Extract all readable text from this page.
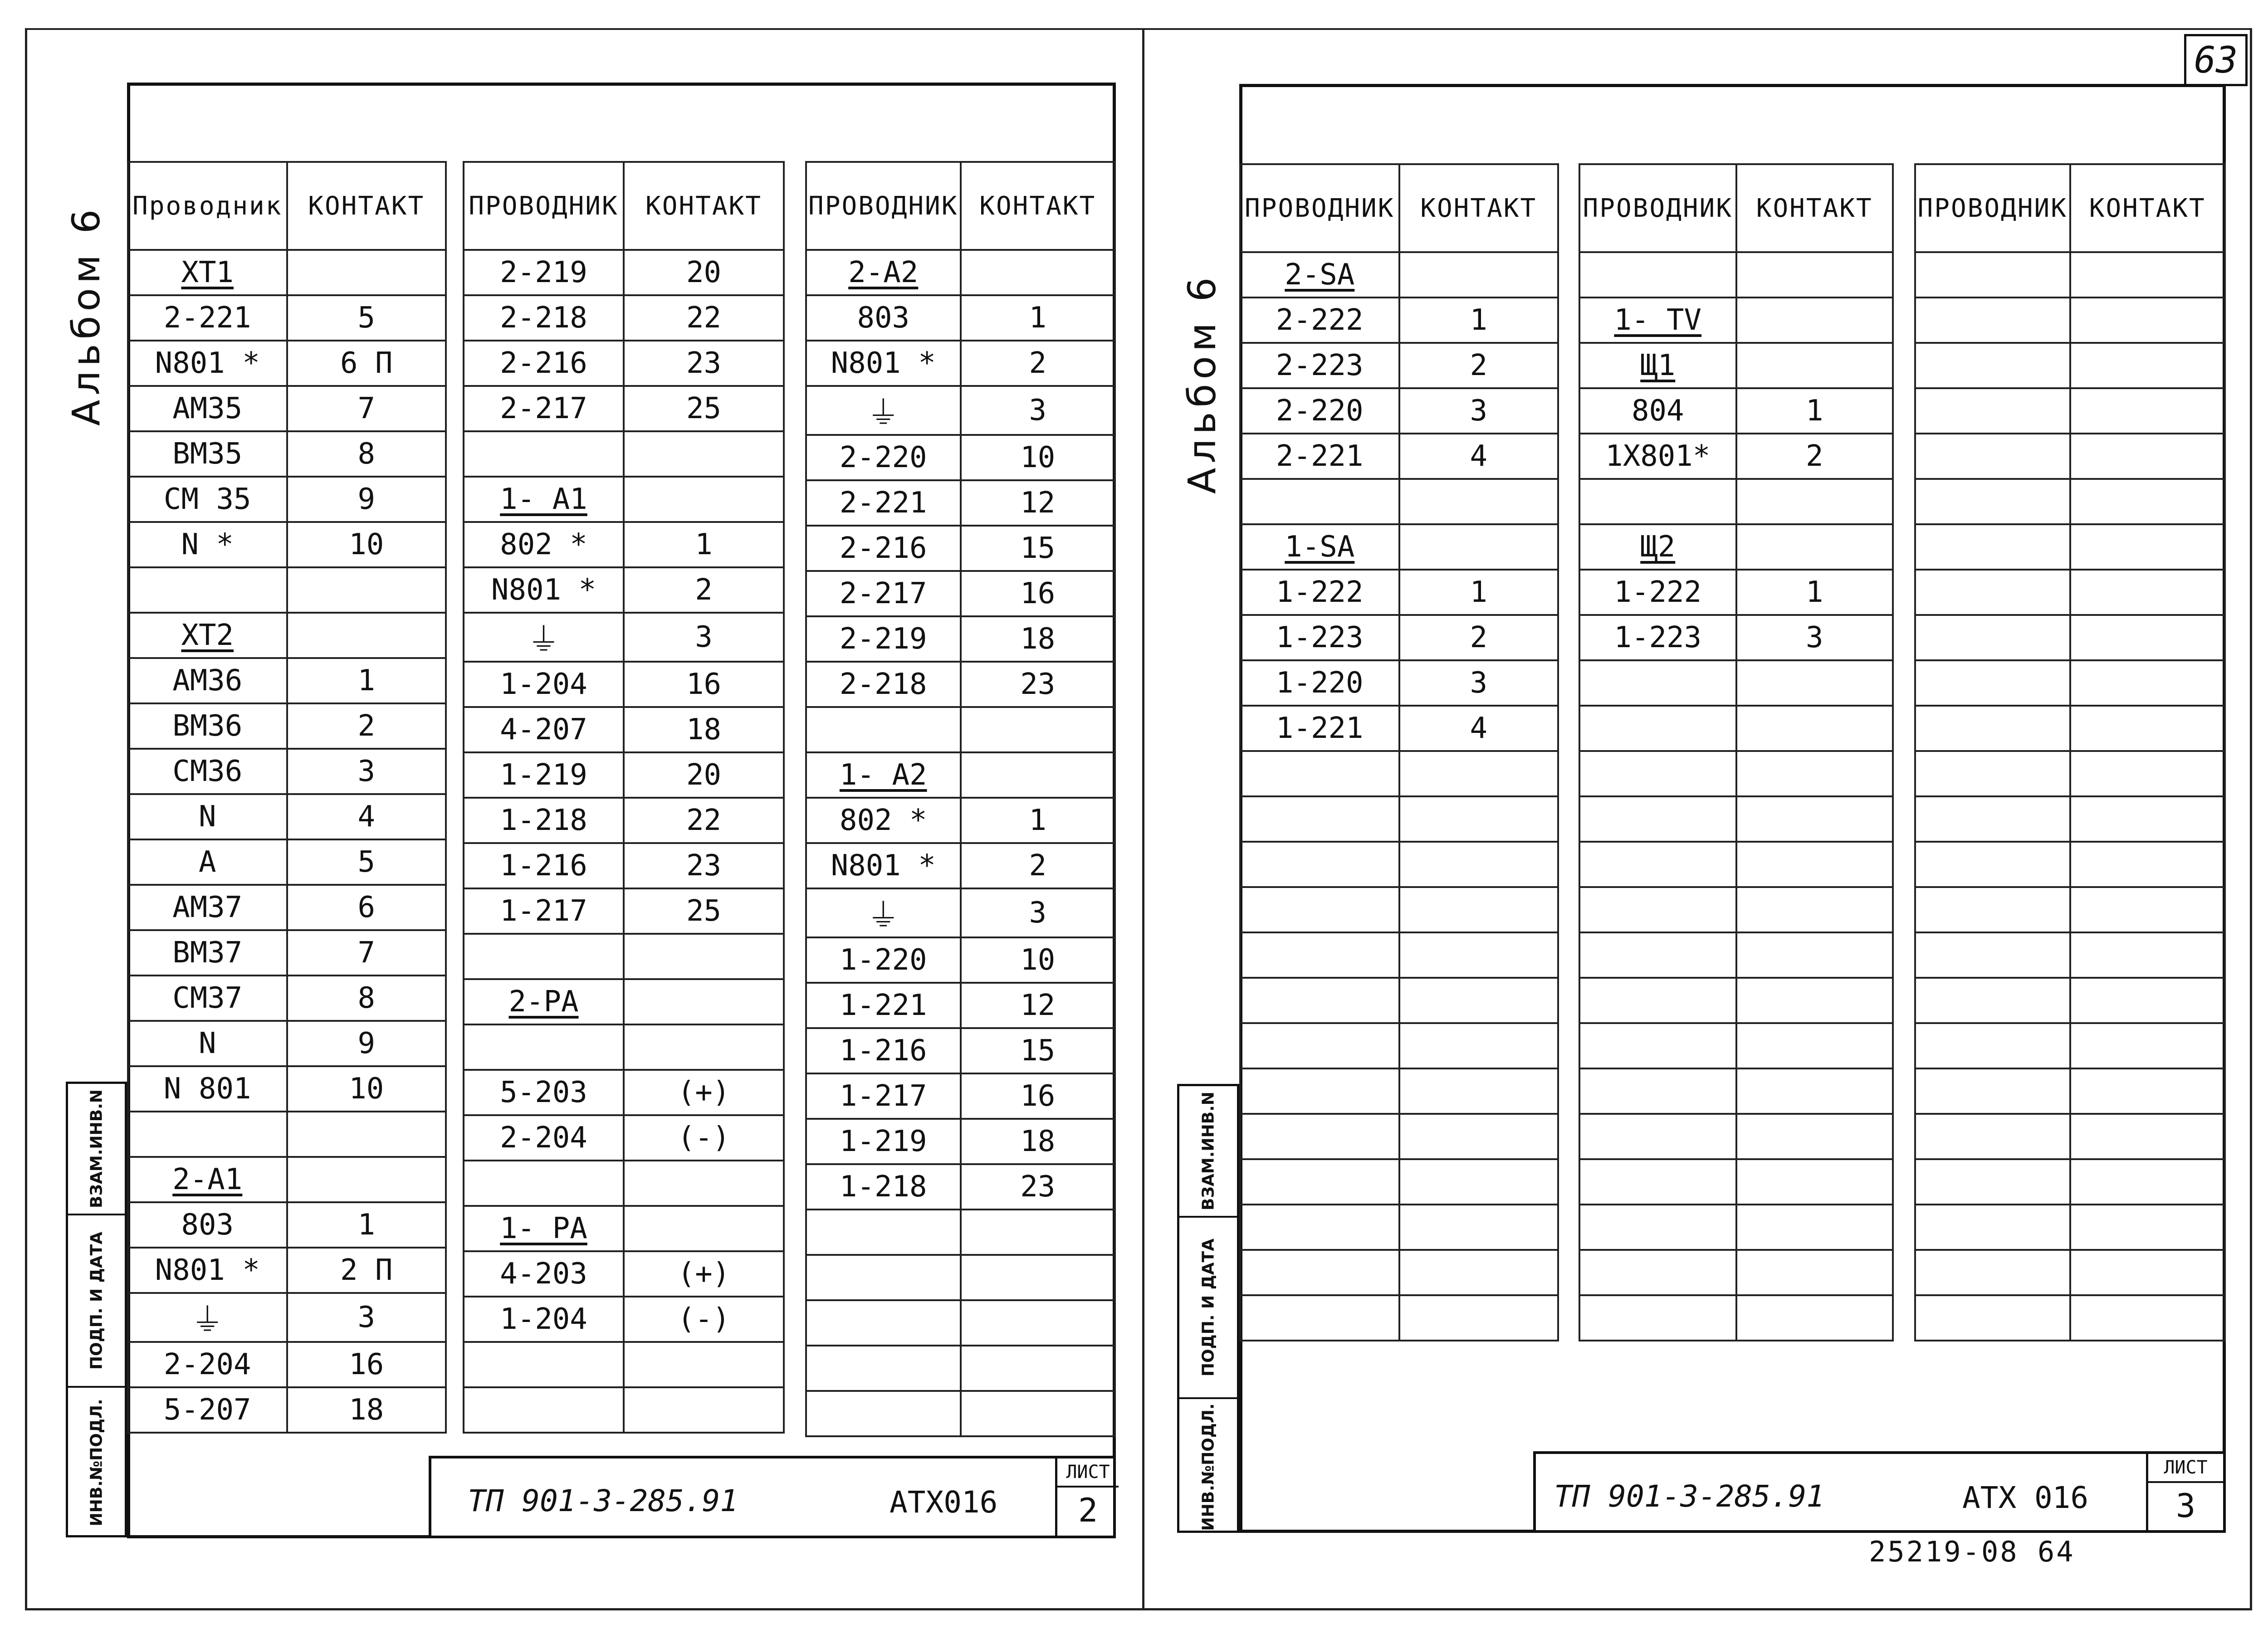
Альбом 6
ВЗАМ.ИНВ.N
ПОДП. И ДАТА
ИНВ.№ПОДЛ.
Проводник	КОНТАКТ
XT1	
2-221	5
N801 *	6 П
АМ35	7
ВМ35	8
СМ 35	9
N *	10

XT2	
АМ36	1
ВМ36	2
СМ36	3
N	4
А	5
АМ37	6
ВМ37	7
СМ37	8
N	9
N 801	10

2-А1	
803	1
N801 *	2 П
⏚	3
2-204	16
5-207	18
ПРОВОДНИК	КОНТАКТ
2-219	20
2-218	22
2-216	23
2-217	25

1- А1	
802 *	1
N801 *	2
⏚	3
1-204	16
4-207	18
1-219	20
1-218	22
1-216	23
1-217	25

2-РА	

5-203	(+)
2-204	(-)

1- РА	
4-203	(+)
1-204	(-)

ПРОВОДНИК	КОНТАКТ
2-А2	
803	1
N801 *	2
⏚	3
2-220	10
2-221	12
2-216	15
2-217	16
2-219	18
2-218	23

1- А2	
802 *	1
N801 *	2
⏚	3
1-220	10
1-221	12
1-216	15
1-217	16
1-219	18
1-218	23

ТП 901-3-285.91	АТХ016
ЛИСТ
2
63
Альбом 6
ВЗАМ.ИНВ.N
ПОДП. И ДАТА
ИНВ.№ПОДЛ.
ПРОВОДНИК	КОНТАКТ
2-SA	
2-222	1
2-223	2
2-220	3
2-221	4

1-SA	
1-222	1
1-223	2
1-220	3
1-221	4

ПРОВОДНИК	КОНТАКТ

1- TV	
Щ1	
804	1
1X801*	2

Щ2	
1-222	1
1-223	3

ПРОВОДНИК	КОНТАКТ

ТП 901-3-285.91	АТХ 016
ЛИСТ
3
25219-08 64
